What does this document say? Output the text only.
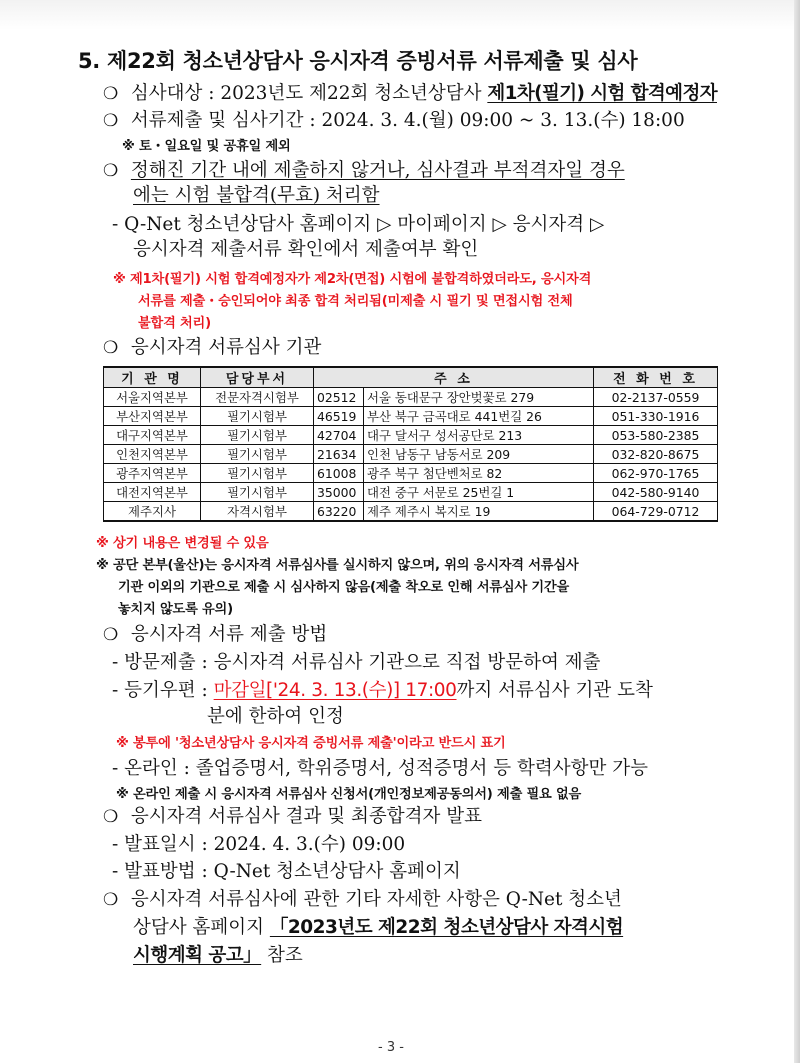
5. 제22회 청소년상담사 응시자격 증빙서류 서류제출 및 심사
❍ 심사대상 : 2023년도 제22회 청소년상담사 제1차(필기) 시험 합격예정자
❍ 서류제출 및 심사기간 : 2024. 3. 4.(월) 09:00 ~ 3. 13.(수) 18:00
※ 토・일요일 및 공휴일 제외
❍ 정해진 기간 내에 제출하지 않거나, 심사결과 부적격자일 경우
에는 시험 불합격(무효) 처리함
- Q-Net 청소년상담사 홈페이지 ▷ 마이페이지 ▷ 응시자격 ▷
응시자격 제출서류 확인에서 제출여부 확인
※ 제1차(필기) 시험 합격예정자가 제2차(면접) 시험에 불합격하였더라도, 응시자격
서류를 제출・승인되어야 최종 합격 처리됨(미제출 시 필기 및 면접시험 전체
불합격 처리)
❍ 응시자격 서류심사 기관
기 관 명	담당부서	주 소		전 화 번 호
서울지역본부	전문자격시험부	02512	서울 동대문구 장안벚꽃로 279	02-2137-0559
부산지역본부	필기시험부	46519	부산 북구 금곡대로 441번길 26	051-330-1916
대구지역본부	필기시험부	42704	대구 달서구 성서공단로 213	053-580-2385
인천지역본부	필기시험부	21634	인천 남동구 남동서로 209	032-820-8675
광주지역본부	필기시험부	61008	광주 북구 첨단벤처로 82	062-970-1765
대전지역본부	필기시험부	35000	대전 중구 서문로 25번길 1	042-580-9140
제주지사	자격시험부	63220	제주 제주시 복지로 19	064-729-0712
※ 상기 내용은 변경될 수 있음
※ 공단 본부(울산)는 응시자격 서류심사를 실시하지 않으며, 위의 응시자격 서류심사
기관 이외의 기관으로 제출 시 심사하지 않음(제출 착오로 인해 서류심사 기간을
놓치지 않도록 유의)
❍ 응시자격 서류 제출 방법
- 방문제출 : 응시자격 서류심사 기관으로 직접 방문하여 제출
- 등기우편 : 마감일['24. 3. 13.(수)] 17:00까지 서류심사 기관 도착
분에 한하여 인정
※ 봉투에 '청소년상담사 응시자격 증빙서류 제출'이라고 반드시 표기
- 온라인 : 졸업증명서, 학위증명서, 성적증명서 등 학력사항만 가능
※ 온라인 제출 시 응시자격 서류심사 신청서(개인정보제공동의서) 제출 필요 없음
❍ 응시자격 서류심사 결과 및 최종합격자 발표
- 발표일시 : 2024. 4. 3.(수) 09:00
- 발표방법 : Q-Net 청소년상담사 홈페이지
❍ 응시자격 서류심사에 관한 기타 자세한 사항은 Q-Net 청소년
상담사 홈페이지 「2023년도 제22회 청소년상담사 자격시험
시행계획 공고」 참조
- 3 -
